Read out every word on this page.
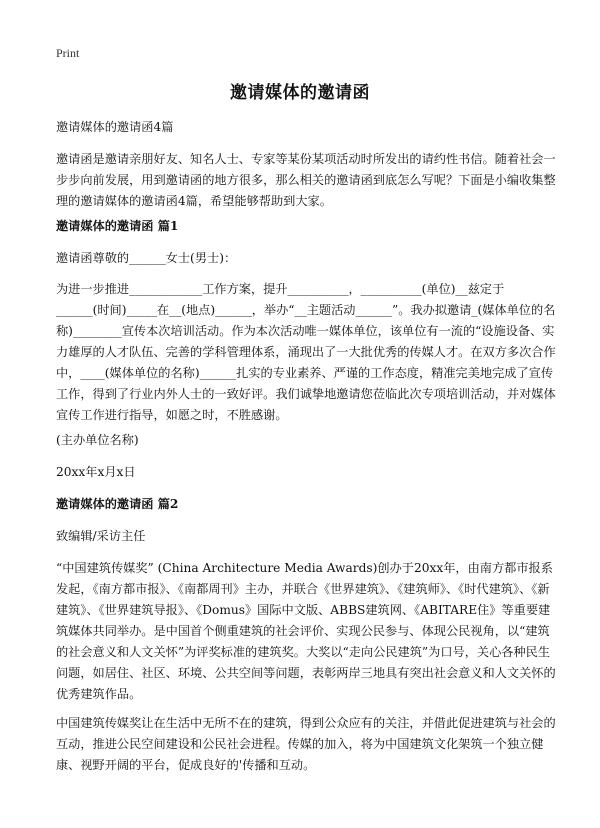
Print
邀请媒体的邀请函

邀请媒体的邀请函4篇

邀请函是邀请亲朋好友、知名人士、专家等某份某项活动时所发出的请约性书信。随着社会一步步向前发展，用到邀请函的地方很多，那么相关的邀请函到底怎么写呢？下面是小编收集整理的邀请媒体的邀请函4篇，希望能够帮助到大家。

邀请媒体的邀请函 篇1

邀请函尊敬的______女士(男士)：

为进一步推进____________工作方案，提升__________，__________(单位)__兹定于______(时间)_____在__(地点)______，举办“__主题活动______”。我办拟邀请_(媒体单位的名称)________宣传本次培训活动。作为本次活动唯一媒体单位，该单位有一流的“设施设备、实力雄厚的人才队伍、完善的学科管理体系，涌现出了一大批优秀的传媒人才。在双方多次合作中，____(媒体单位的名称)______扎实的专业素养、严谨的工作态度，精准完美地完成了宣传工作，得到了行业内外人士的一致好评。我们诚挚地邀请您莅临此次专项培训活动，并对媒体宣传工作进行指导，如愿之时，不胜感谢。

(主办单位名称)

20xx年x月x日

邀请媒体的邀请函 篇2

致编辑/采访主任

“中国建筑传媒奖” (China Architecture Media Awards)创办于20xx年，由南方都市报系发起，《南方都市报》、《南都周刊》主办，并联合《世界建筑》、《建筑师》、《时代建筑》、《新建筑》、《世界建筑导报》、《Domus》国际中文版、ABBS建筑网、《ABITARE住》等重要建筑媒体共同举办。是中国首个侧重建筑的社会评价、实现公民参与、体现公民视角，以“建筑的社会意义和人文关怀”为评奖标准的建筑奖。大奖以“走向公民建筑”为口号，关心各种民生问题，如居住、社区、环境、公共空间等问题，表彰两岸三地具有突出社会意义和人文关怀的优秀建筑作品。

中国建筑传媒奖让在生活中无所不在的建筑，得到公众应有的关注，并借此促进建筑与社会的互动，推进公民空间建设和公民社会进程。传媒的加入，将为中国建筑文化架筑一个独立健康、视野开阔的平台，促成良好的'传播和互动。
